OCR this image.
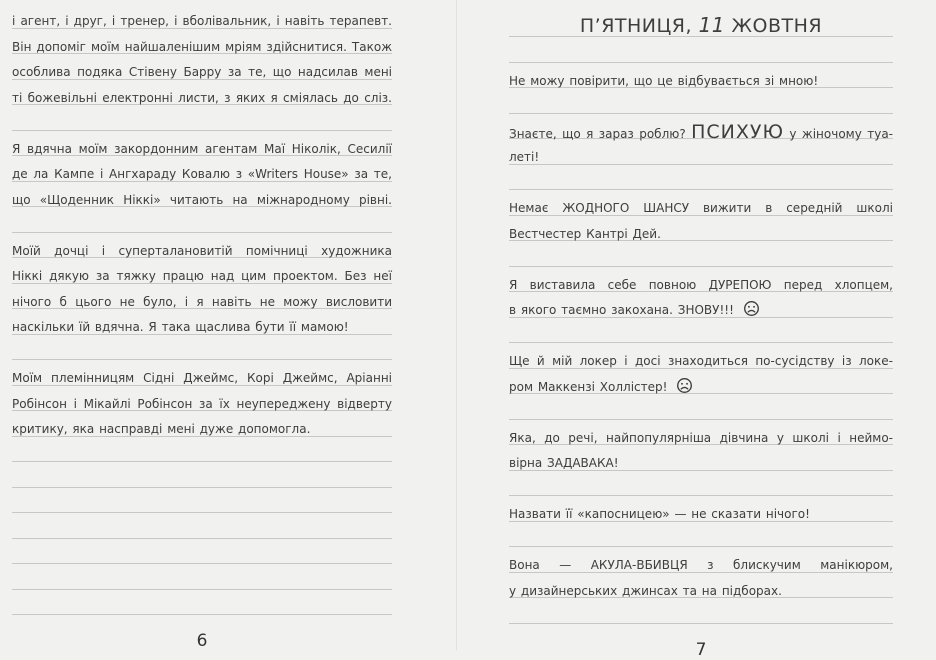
і агент, і друг, і тренер, і вболівальник, і навіть терапевт.
Він допоміг моїм найшаленішим мріям здійснитися. Також
особлива подяка Стівену Барру за те, що надсилав мені
ті божевільні електронні листи, з яких я сміялась до сліз.
Я вдячна моїм закордонним агентам Маї Ніколік, Сесилії
де ла Кампе і Ангхараду Ковалю з «Writers House» за те,
що «Щоденник Ніккі» читають на міжнародному рівні.
Моїй дочці і суперталановитій помічниці художника
Ніккі дякую за тяжку працю над цим проектом. Без неї
нічого б цього не було, і я навіть не можу висловити
наскільки їй вдячна. Я така щаслива бути її мамою!
Моїм племінницям Сідні Джеймс, Корі Джеймс, Аріанні
Робінсон і Мікайлі Робінсон за їх неупереджену відверту
критику, яка насправді мені дуже допомогла.
6
П’ЯТНИЦЯ, 11 ЖОВТНЯ
Не можу повірити, що це відбувається зі мною!
Знаєте, що я зараз роблю? ПСИХУЮ у жіночому туа-
леті!
Немає ЖОДНОГО ШАНСУ вижити в середній школі
Вестчестер Кантрі Дей.
Я виставила себе повною ДУРЕПОЮ перед хлопцем,
в якого таємно закохана. ЗНОВУ!!!
Ще й мій локер і досі знаходиться по-сусідству із локе-
ром Маккензі Холлістер!
Яка, до речі, найпопулярніша дівчина у школі і неймо-
вірна ЗАДАВАКА!
Назвати її «капосницею» — не сказати нічого!
Вона — АКУЛА-ВБИВЦЯ з блискучим манікюром,
у дизайнерських джинсах та на підборах.
7
